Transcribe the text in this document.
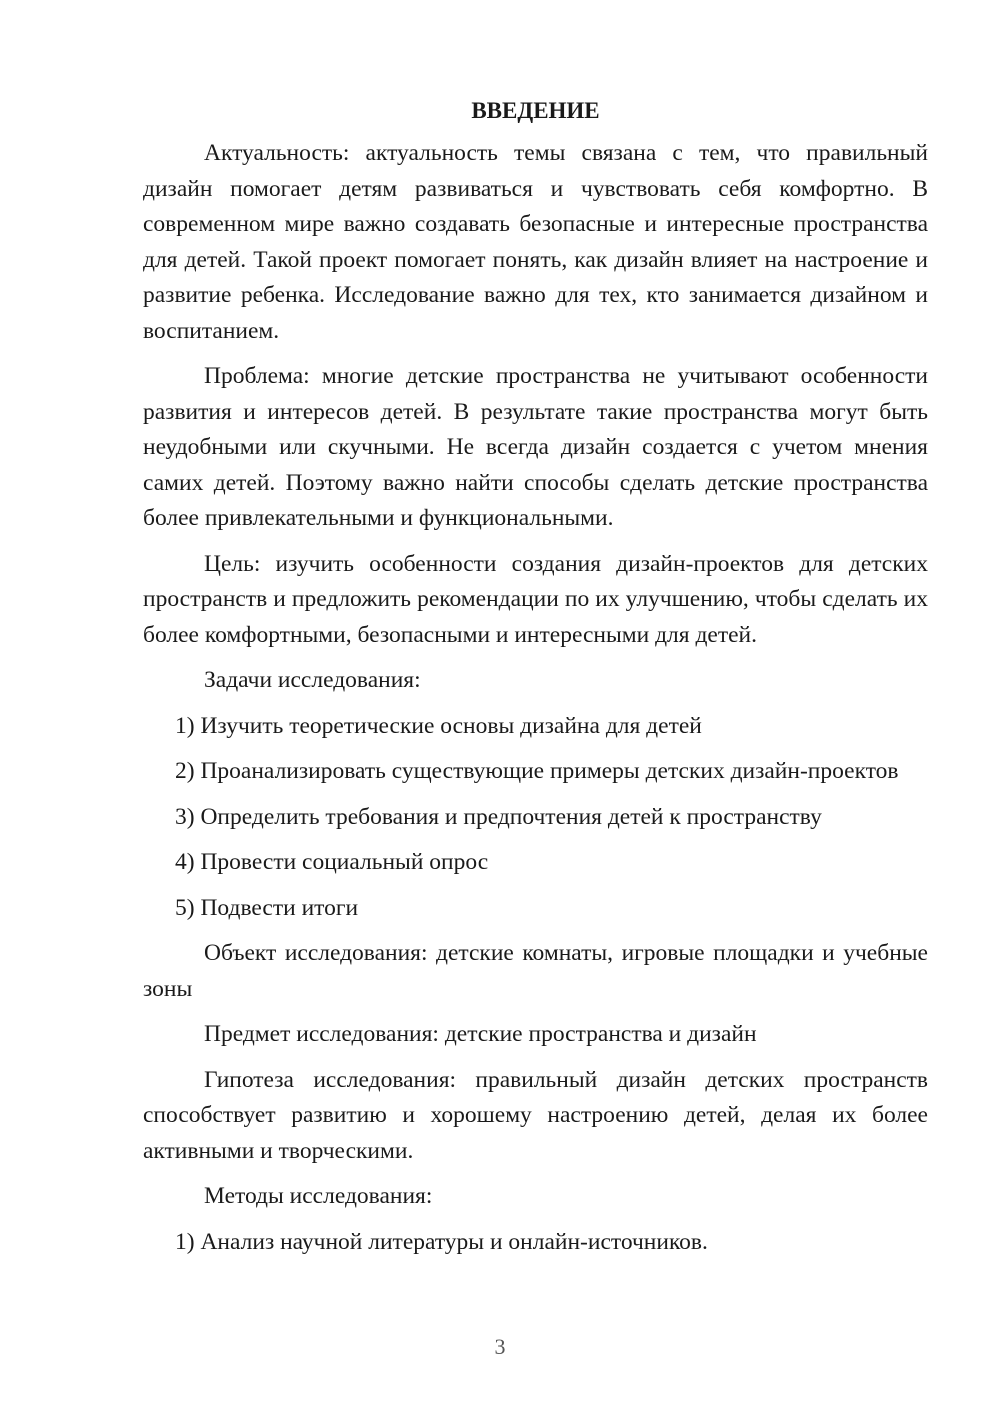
ВВЕДЕНИЕ

Актуальность: актуальность темы связана с тем, что правильный дизайн помогает детям развиваться и чувствовать себя комфортно. В современном мире важно создавать безопасные и интересные пространства для детей. Такой проект помогает понять, как дизайн влияет на настроение и развитие ребенка. Исследование важно для тех, кто занимается дизайном и воспитанием.

Проблема: многие детские пространства не учитывают особенности развития и интересов детей. В результате такие пространства могут быть неудобными или скучными. Не всегда дизайн создается с учетом мнения самих детей. Поэтому важно найти способы сделать детские пространства более привлекательными и функциональными.

Цель: изучить особенности создания дизайн-проектов для детских пространств и предложить рекомендации по их улучшению, чтобы сделать их более комфортными, безопасными и интересными для детей.

Задачи исследования:

1) Изучить теоретические основы дизайна для детей

2) Проанализировать существующие примеры детских дизайн-проектов

3) Определить требования и предпочтения детей к пространству

4) Провести социальный опрос

5) Подвести итоги

Объект исследования: детские комнаты, игровые площадки и учебные зоны

Предмет исследования: детские пространства и дизайн

Гипотеза исследования: правильный дизайн детских пространств способствует развитию и хорошему настроению детей, делая их более активными и творческими.

Методы исследования:

1) Анализ научной литературы и онлайн-источников.

3
